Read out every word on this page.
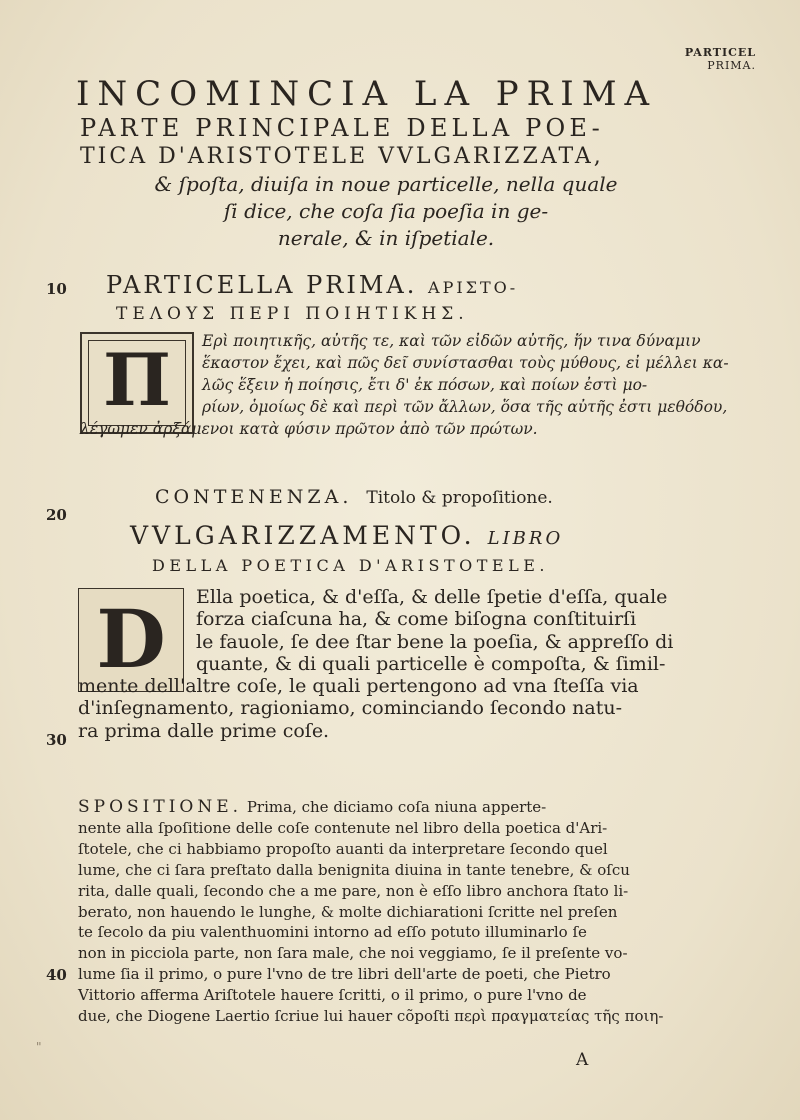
PARTICEL
PRIMA.
INCOMINCIA LA PRIMA
PARTE PRINCIPALE DELLA POE-
TICA D'ARISTOTELE VVLGARIZZATA,
& ſpoſta, diuiſa in noue particelle, nella quale
ſi dice, che coſa ſia poeſia in ge-
nerale, & in iſpetiale.
10
20
30
40
PARTICELLA PRIMA. ΑΡΙΣΤΟ-
ΤΕΛΟΥΣ ΠΕΡΙ ΠΟΙΗΤΙΚΗΣ.
Π	Ερὶ ποιητικῆς, αὐτῆς τε, καὶ τῶν εἰδῶν αὐτῆς, ἥν τινα δύναμιν
ἕκαστον ἔχει, καὶ πῶς δεῖ συνίστασθαι τοὺς μύθους, εἰ μέλλει κα-
λῶς ἕξειν ἡ ποίησις, ἔτι δ' ἐκ πόσων, καὶ ποίων ἐστὶ μο-
ρίων, ὁμοίως δὲ καὶ περὶ τῶν ἄλλων, ὅσα τῆς αὐτῆς ἐστι μεθόδου,
λέγωμεν ἀρξάμενοι κατὰ φύσιν πρῶτον ἀπὸ τῶν πρώτων.
CONTENENZA. Titolo & propoſitione.
VVLGARIZZAMENTO. LIBRO
DELLA POETICA D'ARISTOTELE.
D	Ella poetica, & d'eſſa, & delle ſpetie d'eſſa, quale
forza ciaſcuna ha, & come biſogna conſtituirſi
le fauole, ſe dee ſtar bene la poeſia, & appreſſo di
quante, & di quali particelle è compoſta, & ſimil-
mente dell'altre coſe, le quali pertengono ad vna ſteſſa via
d'inſegnamento, ragioniamo, cominciando ſecondo natu-
ra prima dalle prime coſe.
SPOSITIONE. Prima, che diciamo coſa niuna apperte-
nente alla ſpoſitione delle coſe contenute nel libro della poetica d'Ari-
ſtotele, che ci habbiamo propoſto auanti da interpretare ſecondo quel
lume, che ci ſara preſtato dalla benignita diuina in tante tenebre, & oſcu
rita, dalle quali, ſecondo che a me pare, non è eſſo libro anchora ſtato li-
berato, non hauendo le lunghe, & molte dichiarationi ſcritte nel preſen
te ſecolo da piu valenthuomini intorno ad eſſo potuto illuminarlo ſe
non in picciola parte, non ſara male, che noi veggiamo, ſe il preſente vo-
lume ſia il primo, o pure l'vno de tre libri dell'arte de poeti, che Pietro
Vittorio afferma Ariſtotele hauere ſcritti, o il primo, o pure l'vno de
due, che Diogene Laertio ſcriue lui hauer cõpoſti περὶ πραγματείας τῆς ποιη-
A
"
